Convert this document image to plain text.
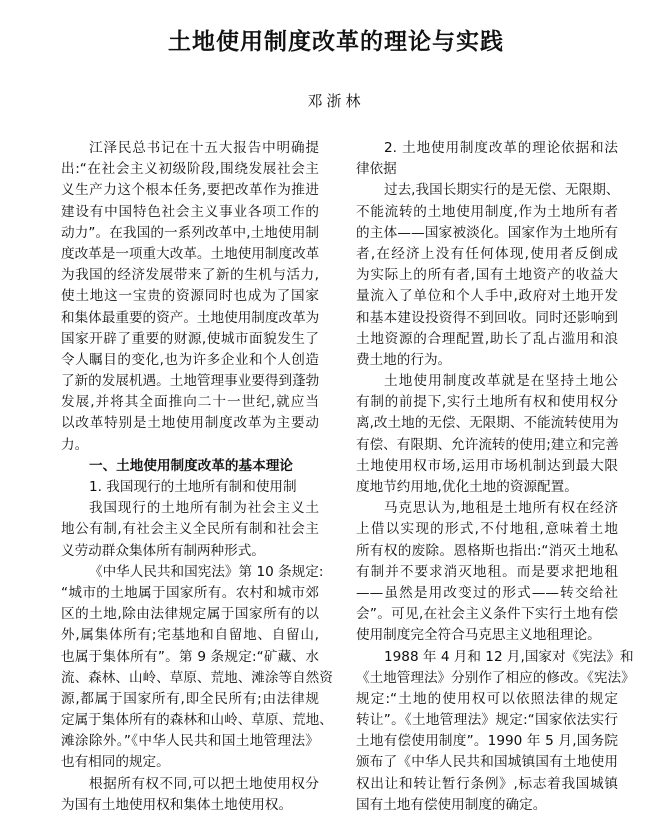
土地使用制度改革的理论与实践
邓浙林
江泽民总书记在十五大报告中明确提
出:“在社会主义初级阶段,围绕发展社会主
义生产力这个根本任务,要把改革作为推进
建设有中国特色社会主义事业各项工作的
动力”。在我国的一系列改革中,土地使用制
度改革是一项重大改革。土地使用制度改革
为我国的经济发展带来了新的生机与活力,
使土地这一宝贵的资源同时也成为了国家
和集体最重要的资产。土地使用制度改革为
国家开辟了重要的财源,使城市面貌发生了
令人瞩目的变化,也为许多企业和个人创造
了新的发展机遇。土地管理事业要得到蓬勃
发展,并将其全面推向二十一世纪,就应当
以改革特别是土地使用制度改革为主要动
力。
一、土地使用制度改革的基本理论
1. 我国现行的土地所有制和使用制
我国现行的土地所有制为社会主义土
地公有制,有社会主义全民所有制和社会主
义劳动群众集体所有制两种形式。
《中华人民共和国宪法》第 10 条规定:
“城市的土地属于国家所有。农村和城市郊
区的土地,除由法律规定属于国家所有的以
外,属集体所有;宅基地和自留地、自留山,
也属于集体所有”。第 9 条规定:“矿藏、水
流、森林、山岭、草原、荒地、滩涂等自然资
源,都属于国家所有,即全民所有;由法律规
定属于集体所有的森林和山岭、草原、荒地、
滩涂除外。”《中华人民共和国土地管理法》
也有相同的规定。
根据所有权不同,可以把土地使用权分
为国有土地使用权和集体土地使用权。
2. 土地使用制度改革的理论依据和法
律依据
过去,我国长期实行的是无偿、无限期、
不能流转的土地使用制度,作为土地所有者
的主体——国家被淡化。国家作为土地所有
者,在经济上没有任何体现,使用者反倒成
为实际上的所有者,国有土地资产的收益大
量流入了单位和个人手中,政府对土地开发
和基本建设投资得不到回收。同时还影响到
土地资源的合理配置,助长了乱占滥用和浪
费土地的行为。
土地使用制度改革就是在坚持土地公
有制的前提下,实行土地所有权和使用权分
离,改土地的无偿、无限期、不能流转使用为
有偿、有限期、允许流转的使用;建立和完善
土地使用权市场,运用市场机制达到最大限
度地节约用地,优化土地的资源配置。
马克思认为,地租是土地所有权在经济
上借以实现的形式,不付地租,意味着土地
所有权的废除。恩格斯也指出:“消灭土地私
有制并不要求消灭地租。而是要求把地租
——虽然是用改变过的形式——转交给社
会”。可见,在社会主义条件下实行土地有偿
使用制度完全符合马克思主义地租理论。
1988 年 4 月和 12 月,国家对《宪法》和
《土地管理法》分别作了相应的修改。《宪法》
规定:“土地的使用权可以依照法律的规定
转让”。《土地管理法》规定:“国家依法实行
土地有偿使用制度”。1990 年 5 月,国务院
颁布了《中华人民共和国城镇国有土地使用
权出让和转让暂行条例》,标志着我国城镇
国有土地有偿使用制度的确定。
